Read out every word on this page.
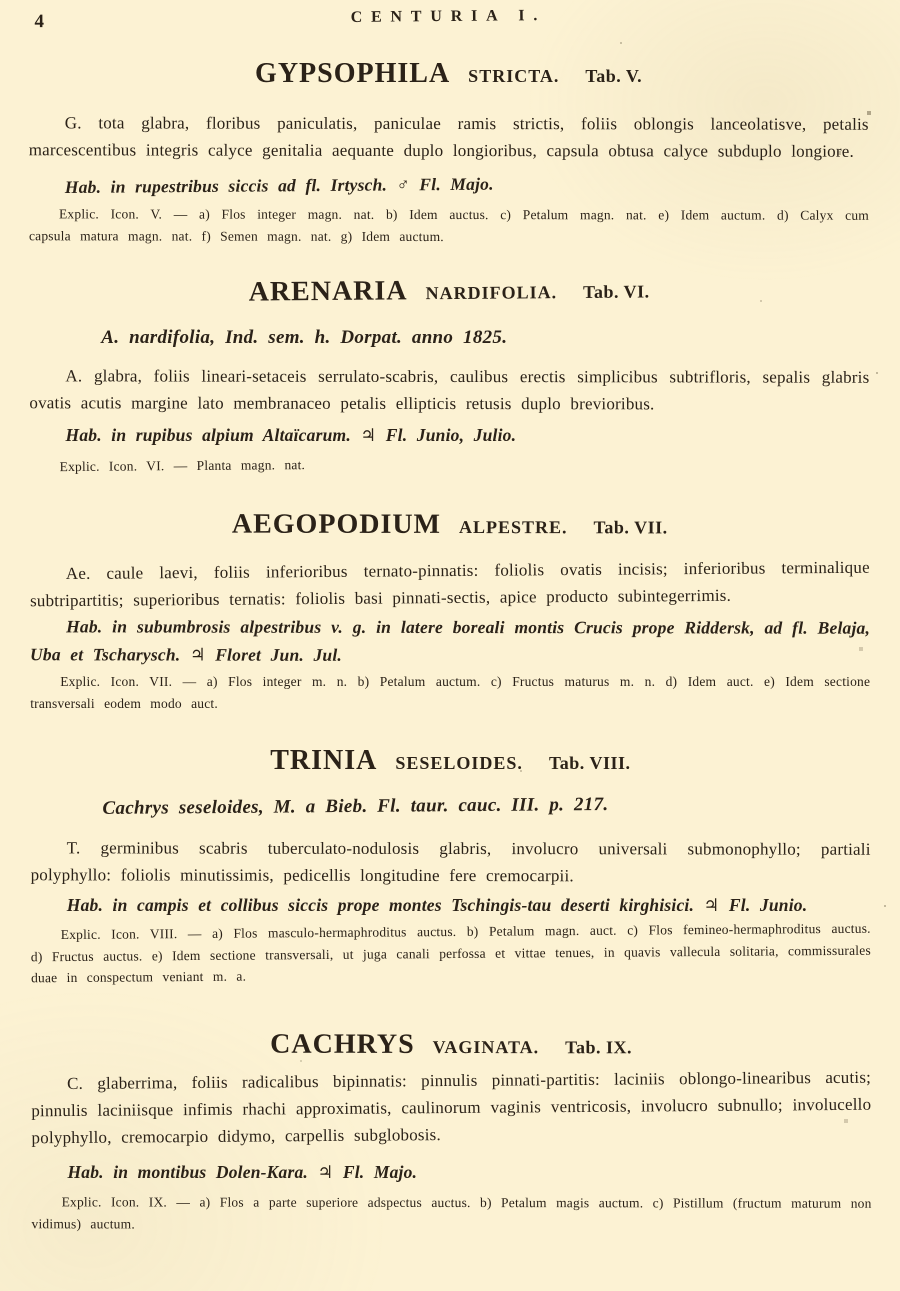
4	CENTURIA I.
GYPSOPHILA STRICTA. Tab. V.

G. tota glabra, floribus paniculatis, paniculae ramis strictis, foliis oblongis lanceolatisve, petalis marcescentibus integris calyce genitalia aequante duplo longioribus, capsula obtusa calyce subduplo longiore.

Hab. in rupestribus siccis ad fl. Irtysch. ♂ Fl. Majo.

Explic. Icon. V. — a) Flos integer magn. nat. b) Idem auctus. c) Petalum magn. nat. e) Idem auctum. d) Calyx cum capsula matura magn. nat. f) Semen magn. nat. g) Idem auctum.

ARENARIA NARDIFOLIA. Tab. VI.

A. nardifolia, Ind. sem. h. Dorpat. anno 1825.

A. glabra, foliis lineari-setaceis serrulato-scabris, caulibus erectis simplicibus subtrifloris, sepalis glabris ovatis acutis margine lato membranaceo petalis ellipticis retusis duplo brevioribus.

Hab. in rupibus alpium Altaïcarum. ♃ Fl. Junio, Julio.

Explic. Icon. VI. — Planta magn. nat.

AEGOPODIUM ALPESTRE. Tab. VII.

Ae. caule laevi, foliis inferioribus ternato-pinnatis: foliolis ovatis incisis; inferioribus terminalique subtripartitis; superioribus ternatis: foliolis basi pinnati-sectis, apice producto subintegerrimis.

Hab. in subumbrosis alpestribus v. g. in latere boreali montis Crucis prope Riddersk, ad fl. Belaja, Uba et Tscharysch. ♃ Floret Jun. Jul.

Explic. Icon. VII. — a) Flos integer m. n. b) Petalum auctum. c) Fructus maturus m. n. d) Idem auct. e) Idem sectione transversali eodem modo auct.

TRINIA SESELOIDES. Tab. VIII.

Cachrys seseloides, M. a Bieb. Fl. taur. cauc. III. p. 217.

T. germinibus scabris tuberculato-nodulosis glabris, involucro universali submonophyllo; partiali polyphyllo: foliolis minutissimis, pedicellis longitudine fere cremocarpii.

Hab. in campis et collibus siccis prope montes Tschingis-tau deserti kirghisici. ♃ Fl. Junio.

Explic. Icon. VIII. — a) Flos masculo-hermaphroditus auctus. b) Petalum magn. auct. c) Flos femineo-hermaphroditus auctus. d) Fructus auctus. e) Idem sectione transversali, ut juga canali perfossa et vittae tenues, in quavis vallecula solitaria, commissurales duae in conspectum veniant m. a.

CACHRYS VAGINATA. Tab. IX.

C. glaberrima, foliis radicalibus bipinnatis: pinnulis pinnati-partitis: laciniis oblongo-linearibus acutis; pinnulis laciniisque infimis rhachi approximatis, caulinorum vaginis ventricosis, involucro subnullo; involucello polyphyllo, cremocarpio didymo, carpellis subglobosis.

Hab. in montibus Dolen-Kara. ♃ Fl. Majo.

Explic. Icon. IX. — a) Flos a parte superiore adspectus auctus. b) Petalum magis auctum. c) Pistillum (fructum maturum non vidimus) auctum.
